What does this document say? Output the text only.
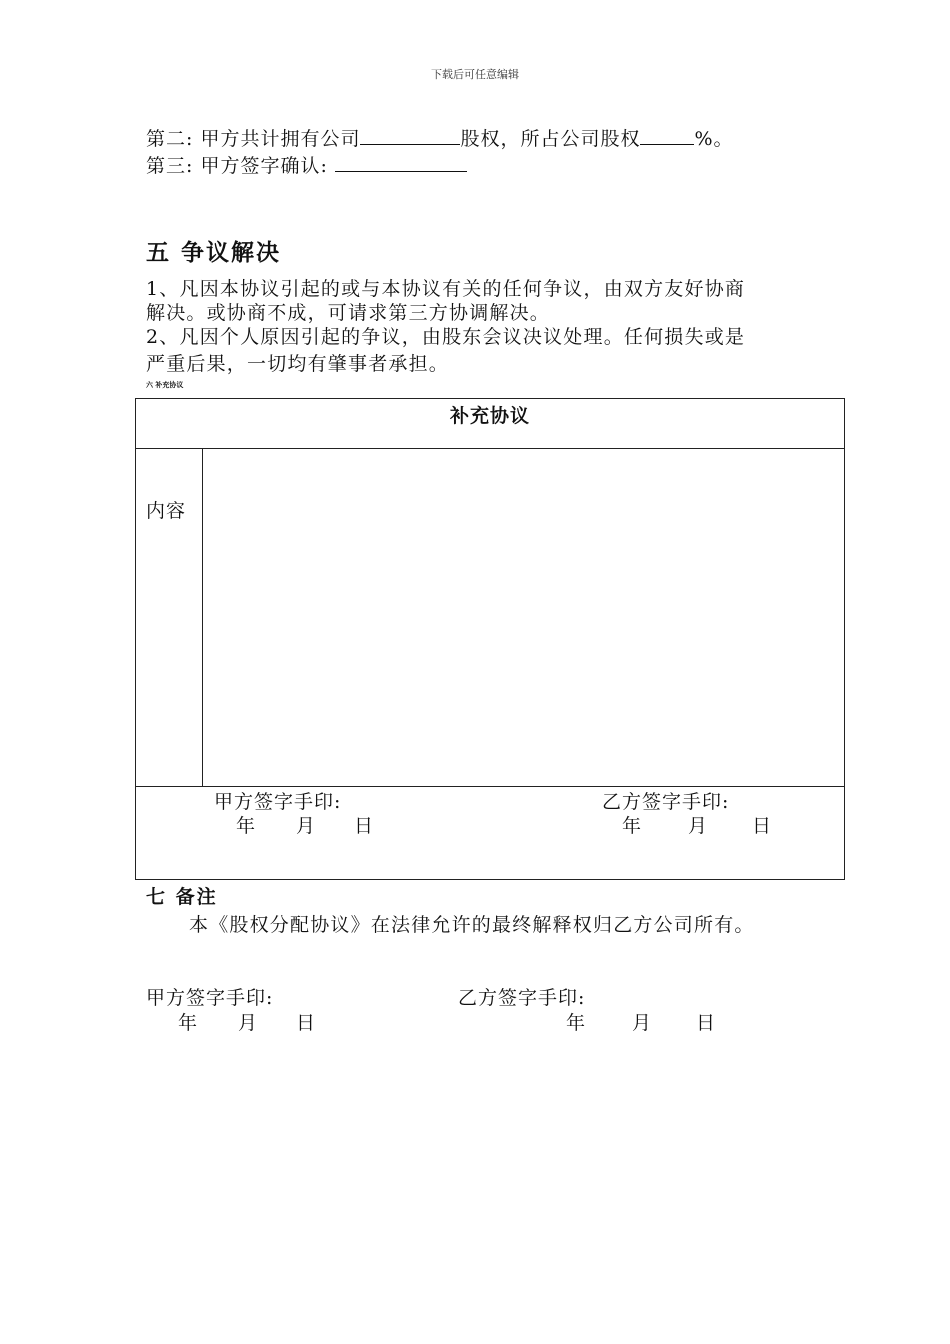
下载后可任意编辑
第二: 甲方共计拥有公司	股权，所占公司股权	%。
第三: 甲方签字确认:
五 争议解决
1、凡因本协议引起的或与本协议有关的任何争议，由双方友好协商
解决。或协商不成，可请求第三方协调解决。
2、凡因个人原因引起的争议，由股东会议决议处理。任何损失或是
严重后果，一切均有肇事者承担。
六 补充协议
补充协议
内容
甲方签字手印:	乙方签字手印:
年 月 日	年 月 日
七 备注
本《股权分配协议》在法律允许的最终解释权归乙方公司所有。
甲方签字手印:	乙方签字手印:
年 月 日	年 月 日
